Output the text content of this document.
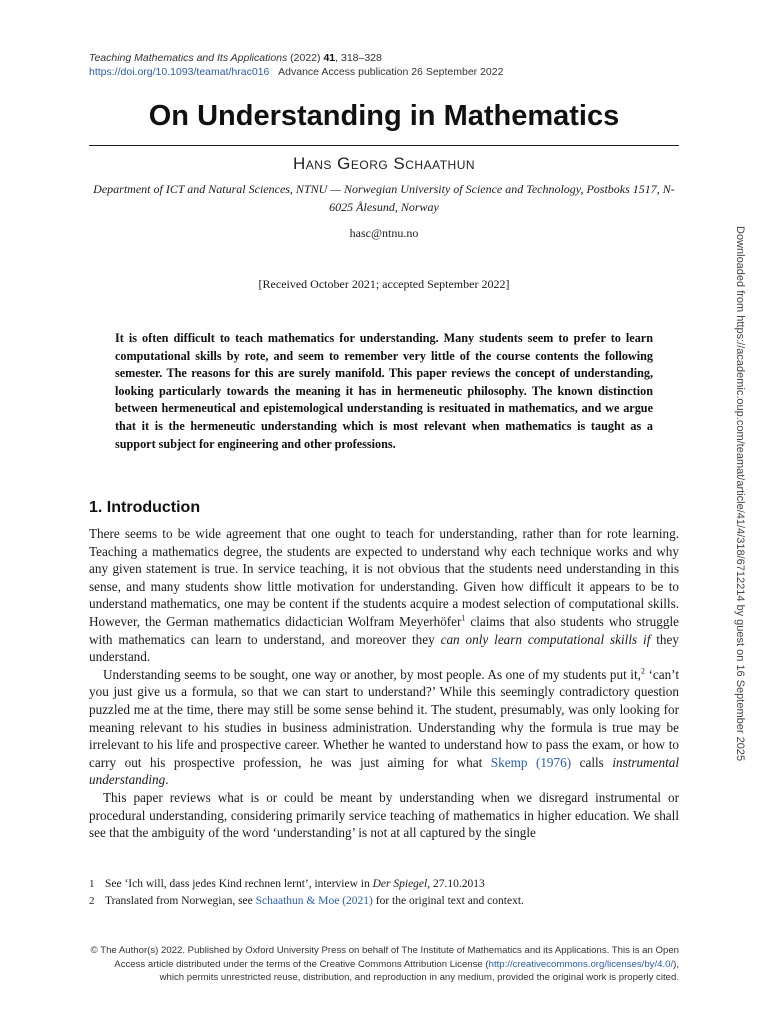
Teaching Mathematics and Its Applications (2022) 41, 318–328
https://doi.org/10.1093/teamat/hrac016 Advance Access publication 26 September 2022
On Understanding in Mathematics
Hans Georg Schaathun
Department of ICT and Natural Sciences, NTNU — Norwegian University of Science and Technology, Postboks 1517, N-6025 Ålesund, Norway
hasc@ntnu.no
[Received October 2021; accepted September 2022]
It is often difficult to teach mathematics for understanding. Many students seem to prefer to learn computational skills by rote, and seem to remember very little of the course contents the following semester. The reasons for this are surely manifold. This paper reviews the concept of understanding, looking particularly towards the meaning it has in hermeneutic philosophy. The known distinction between hermeneutical and epistemological understanding is resituated in mathematics, and we argue that it is the hermeneutic understanding which is most relevant when mathematics is taught as a support subject for engineering and other professions.
1. Introduction

There seems to be wide agreement that one ought to teach for understanding, rather than for rote learning. Teaching a mathematics degree, the students are expected to understand why each technique works and why any given statement is true. In service teaching, it is not obvious that the students need understanding in this sense, and many students show little motivation for understanding. Given how difficult it appears to be to understand mathematics, one may be content if the students acquire a modest selection of computational skills. However, the German mathematics didactician Wolfram Meyerhöfer$^1$ claims that also students who struggle with mathematics can learn to understand, and moreover they can only learn computational skills if they understand.

Understanding seems to be sought, one way or another, by most people. As one of my students put it,$^2$ ‘can’t you just give us a formula, so that we can start to understand?’ While this seemingly contradictory question puzzled me at the time, there may still be some sense behind it. The student, presumably, was only looking for meaning relevant to his studies in business administration. Understanding why the formula is true may be irrelevant to his life and prospective career. Whether he wanted to understand how to pass the exam, or how to carry out his prospective profession, he was just aiming for what Skemp (1976) calls instrumental understanding.

This paper reviews what is or could be meant by understanding when we disregard instrumental or procedural understanding, considering primarily service teaching of mathematics in higher education. We shall see that the ambiguity of the word ‘understanding’ is not at all captured by the single

1 See ‘Ich will, dass jedes Kind rechnen lernt’, interview in Der Spiegel, 27.10.2013
2 Translated from Norwegian, see Schaathun & Moe (2021) for the original text and context.
© The Author(s) 2022. Published by Oxford University Press on behalf of The Institute of Mathematics and its Applications. This is an Open Access article distributed under the terms of the Creative Commons Attribution License (http://creativecommons.org/licenses/by/4.0/), which permits unrestricted reuse, distribution, and reproduction in any medium, provided the original work is properly cited.
Downloaded from https://academic.oup.com/teamat/article/41/4/318/6712214 by guest on 16 September 2025
